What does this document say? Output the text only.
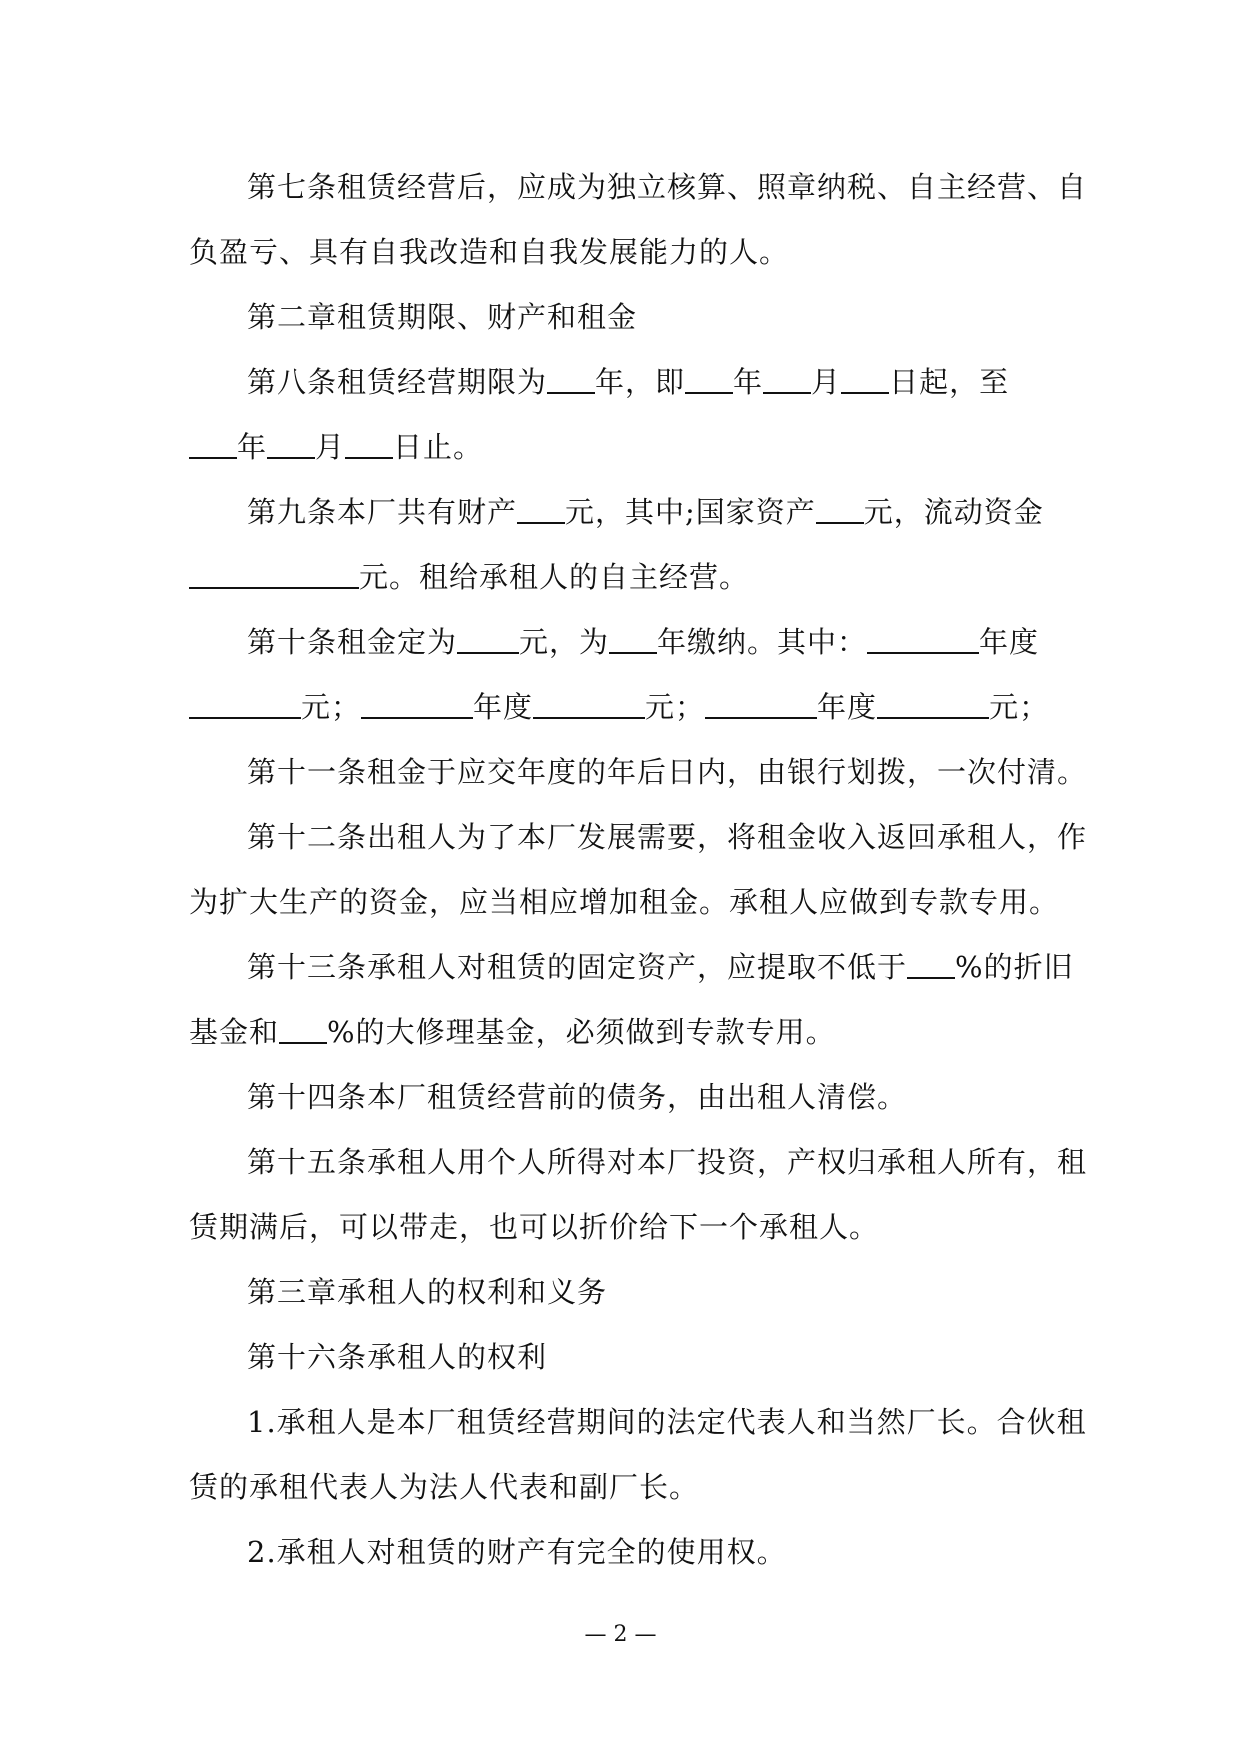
第七条租赁经营后，应成为独立核算、照章纳税、自主经营、自
负盈亏、具有自我改造和自我发展能力的人。
第二章租赁期限、财产和租金
第八条租赁经营期限为 年，即 年 月 日起，至
年 月 日止。
第九条本厂共有财产 元，其中;国家资产 元，流动资金
元。租给承租人的自主经营。
第十条租金定为 元，为 年缴纳。其中：	年度
元；	年度	元；	年度	元；
第十一条租金于应交年度的年后日内，由银行划拨，一次付清。
第十二条出租人为了本厂发展需要，将租金收入返回承租人，作
为扩大生产的资金，应当相应增加租金。承租人应做到专款专用。
第十三条承租人对租赁的固定资产，应提取不低于 %的折旧
基金和 %的大修理基金，必须做到专款专用。
第十四条本厂租赁经营前的债务，由出租人清偿。
第十五条承租人用个人所得对本厂投资，产权归承租人所有，租
赁期满后，可以带走，也可以折价给下一个承租人。
第三章承租人的权利和义务
第十六条承租人的权利
1.承租人是本厂租赁经营期间的法定代表人和当然厂长。合伙租
赁的承租代表人为法人代表和副厂长。
2.承租人对租赁的财产有完全的使用权。
— 2 —
